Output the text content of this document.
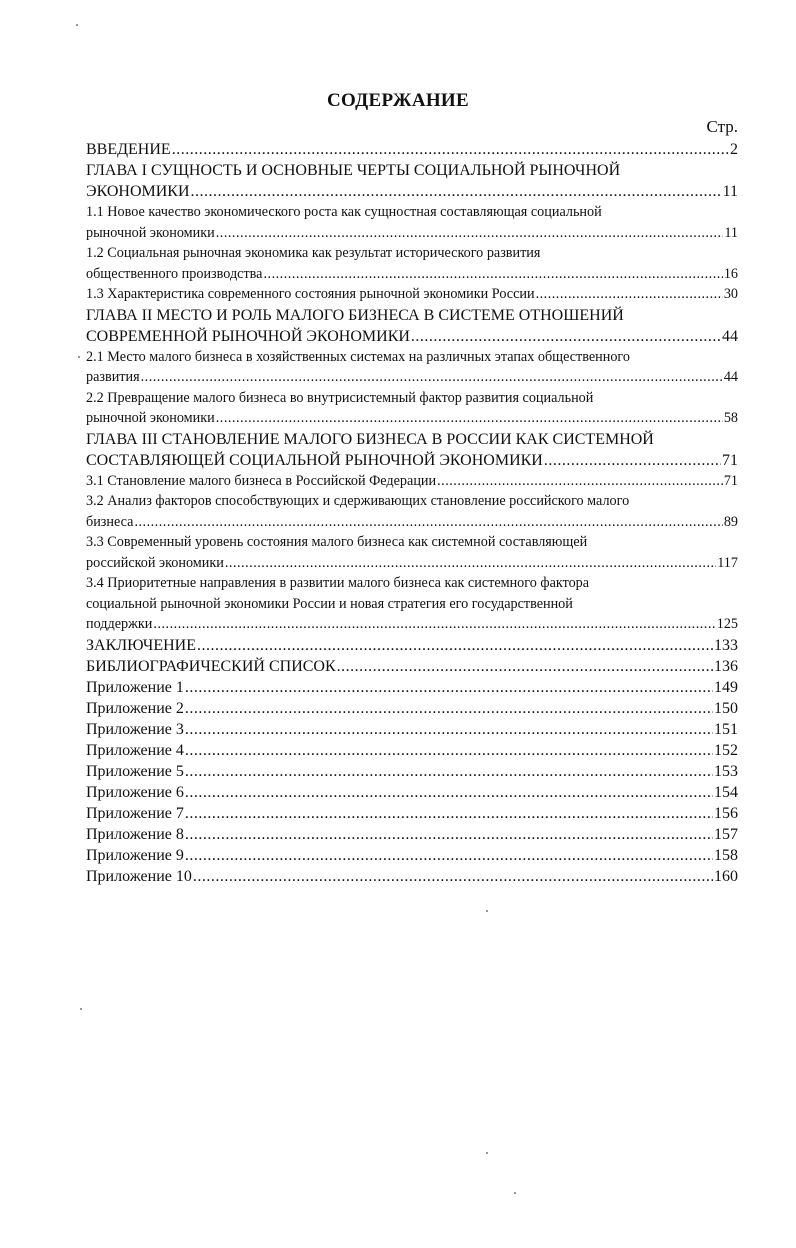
СОДЕРЖАНИЕ
Стр.
ВВЕДЕНИЕ .....	2
ГЛАВА I СУЩНОСТЬ И ОСНОВНЫЕ ЧЕРТЫ СОЦИАЛЬНОЙ РЫНОЧНОЙ
ЭКОНОМИКИ .....	11
1.1 Новое качество экономического роста как сущностная составляющая социальной
рыночной экономики .....	11
1.2 Социальная рыночная экономика как результат исторического развития
общественного производства .....	16
1.3 Характеристика современного состояния рыночной экономики России .....	30
ГЛАВА II МЕСТО И РОЛЬ МАЛОГО БИЗНЕСА В СИСТЕМЕ ОТНОШЕНИЙ
СОВРЕМЕННОЙ РЫНОЧНОЙ ЭКОНОМИКИ .....	44
2.1 Место малого бизнеса в хозяйственных системах на различных этапах общественного
развития .....	44
2.2 Превращение малого бизнеса во внутрисистемный фактор развития социальной
рыночной экономики .....	58
ГЛАВА III СТАНОВЛЕНИЕ МАЛОГО БИЗНЕСА В РОССИИ КАК СИСТЕМНОЙ
СОСТАВЛЯЮЩЕЙ СОЦИАЛЬНОЙ РЫНОЧНОЙ ЭКОНОМИКИ .....	71
3.1 Становление малого бизнеса в Российской Федерации .....	71
3.2 Анализ факторов способствующих и сдерживающих становление российского малого
бизнеса .....	89
3.3 Современный уровень состояния малого бизнеса как системной составляющей
российской экономики .....	117
3.4 Приоритетные направления в развитии малого бизнеса как системного фактора
социальной рыночной экономики России и новая стратегия его государственной
поддержки .....	125
ЗАКЛЮЧЕНИЕ .....	133
БИБЛИОГРАФИЧЕСКИЙ СПИСОК .....	136
Приложение 1 .....	149
Приложение 2 .....	150
Приложение 3 .....	151
Приложение 4 .....	152
Приложение 5 .....	153
Приложение 6 .....	154
Приложение 7 .....	156
Приложение 8 .....	157
Приложение 9 .....	158
Приложение 10 .....	160
